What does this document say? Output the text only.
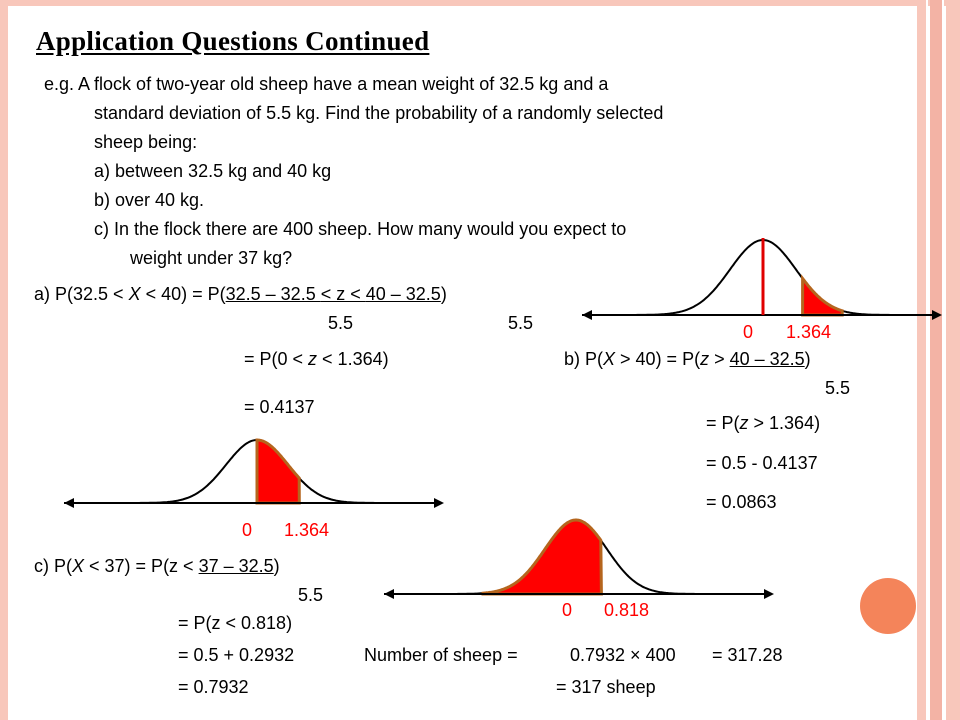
Application Questions Continued
e.g. A flock of two-year old sheep have a mean weight of 32.5 kg and a
standard deviation of 5.5 kg. Find the probability of a randomly selected
sheep being:
a) between 32.5 kg and 40 kg
b) over 40 kg.
c) In the flock there are 400 sheep. How many would you expect to
weight under 37 kg?
a) P(32.5 < X < 40) = P(32.5 – 32.5 < z < 40 – 32.5)
5.5	5.5
= P(0 < z < 1.364)
= 0.4137
b) P(X > 40) = P(z > 40 – 32.5)
5.5
= P(z > 1.364)
= 0.5 - 0.4137
= 0.0863
c) P(X < 37) = P(z < 37 – 32.5)
5.5
= P(z < 0.818)
= 0.5 + 0.2932
= 0.7932
Number of sheep =	0.7932 × 400 = 317.28
= 317 sheep
0 1.364
0 1.364
0 0.818
